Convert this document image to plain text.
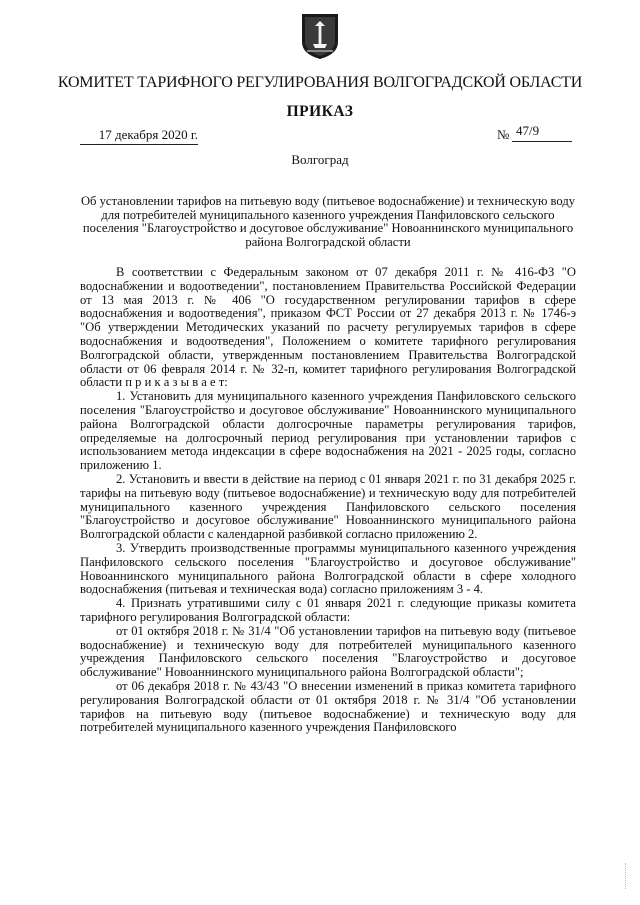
КОМИТЕТ ТАРИФНОГО РЕГУЛИРОВАНИЯ ВОЛГОГРАДСКОЙ ОБЛАСТИ
ПРИКАЗ
17 декабря 2020 г.	№ 47/9
Волгоград
Об установлении тарифов на питьевую воду (питьевое водоснабжение) и техническую воду для потребителей муниципального казенного учреждения Панфиловского сельского поселения "Благоустройство и досуговое обслуживание" Новоаннинского муниципального района Волгоградской области

В соответствии с Федеральным законом от 07 декабря 2011 г. № 416-ФЗ "О водоснабжении и водоотведении", постановлением Правительства Российской Федерации от 13 мая 2013 г. № 406 "О государственном регулировании тарифов в сфере водоснабжения и водоотведения", приказом ФСТ России от 27 декабря 2013 г. № 1746-э "Об утверждении Методических указаний по расчету регулируемых тарифов в сфере водоснабжения и водоотведения", Положением о комитете тарифного регулирования Волгоградской области, утвержденным постановлением Правительства Волгоградской области от 06 февраля 2014 г. № 32-п, комитет тарифного регулирования Волгоградской области п р и к а з ы в а е т:

1. Установить для муниципального казенного учреждения Панфиловского сельского поселения "Благоустройство и досуговое обслуживание" Новоаннинского муниципального района Волгоградской области долгосрочные параметры регулирования тарифов, определяемые на долгосрочный период регулирования при установлении тарифов с использованием метода индексации в сфере водоснабжения на 2021 - 2025 годы, согласно приложению 1.

2. Установить и ввести в действие на период с 01 января 2021 г. по 31 декабря 2025 г. тарифы на питьевую воду (питьевое водоснабжение) и техническую воду для потребителей муниципального казенного учреждения Панфиловского сельского поселения "Благоустройство и досуговое обслуживание" Новоаннинского муниципального района Волгоградской области с календарной разбивкой согласно приложению 2.

3. Утвердить производственные программы муниципального казенного учреждения Панфиловского сельского поселения "Благоустройство и досуговое обслуживание" Новоаннинского муниципального района Волгоградской области в сфере холодного водоснабжения (питьевая и техническая вода) согласно приложениям 3 - 4.

4. Признать утратившими силу с 01 января 2021 г. следующие приказы комитета тарифного регулирования Волгоградской области:

от 01 октября 2018 г. № 31/4 "Об установлении тарифов на питьевую воду (питьевое водоснабжение) и техническую воду для потребителей муниципального казенного учреждения Панфиловского сельского поселения "Благоустройство и досуговое обслуживание" Новоаннинского муниципального района Волгоградской области";

от 06 декабря 2018 г. № 43/43 "О внесении изменений в приказ комитета тарифного регулирования Волгоградской области от 01 октября 2018 г. № 31/4 "Об установлении тарифов на питьевую воду (питьевое водоснабжение) и техническую воду для потребителей муниципального казенного учреждения Панфиловского
